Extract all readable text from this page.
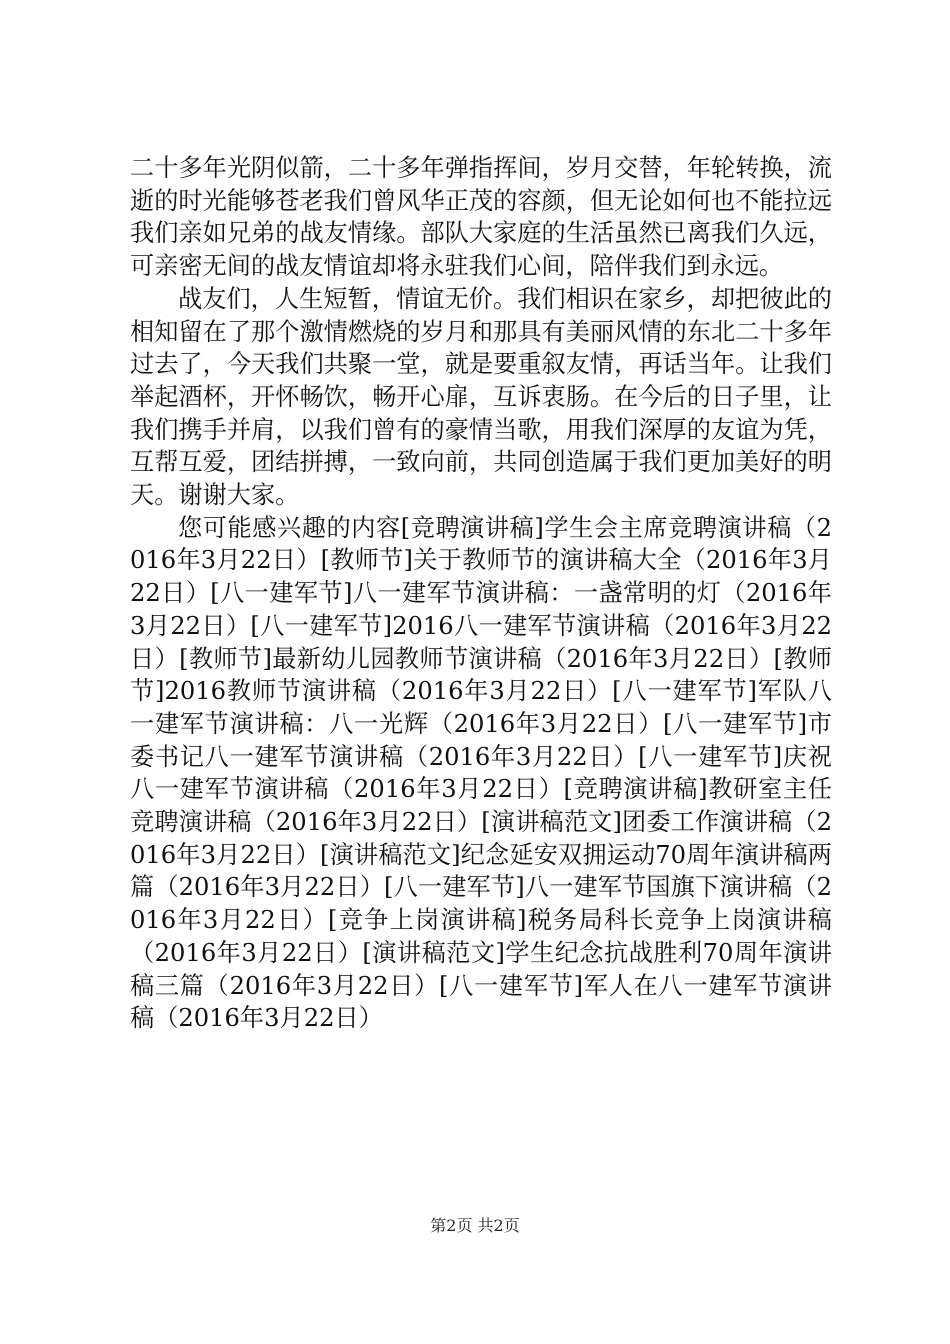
二十多年光阴似箭，二十多年弹指挥间，岁月交替，年轮转换，流逝的时光能够苍老我们曾风华正茂的容颜，但无论如何也不能拉远我们亲如兄弟的战友情缘。部队大家庭的生活虽然已离我们久远，可亲密无间的战友情谊却将永驻我们心间，陪伴我们到永远。

战友们，人生短暂，情谊无价。我们相识在家乡，却把彼此的相知留在了那个激情燃烧的岁月和那具有美丽风情的东北二十多年过去了，今天我们共聚一堂，就是要重叙友情，再话当年。让我们举起酒杯，开怀畅饮，畅开心扉，互诉衷肠。在今后的日子里，让我们携手并肩，以我们曾有的豪情当歌，用我们深厚的友谊为凭，互帮互爱，团结拼搏，一致向前，共同创造属于我们更加美好的明天。谢谢大家。

您可能感兴趣的内容[竞聘演讲稿]学生会主席竞聘演讲稿（2016年3月22日）[教师节]关于教师节的演讲稿大全（2016年3月22日）[八一建军节]八一建军节演讲稿：一盏常明的灯（2016年3月22日）[八一建军节]2016八一建军节演讲稿（2016年3月22日）[教师节]最新幼儿园教师节演讲稿（2016年3月22日）[教师节]2016教师节演讲稿（2016年3月22日）[八一建军节]军队八一建军节演讲稿：八一光辉（2016年3月22日）[八一建军节]市委书记八一建军节演讲稿（2016年3月22日）[八一建军节]庆祝八一建军节演讲稿（2016年3月22日）[竞聘演讲稿]教研室主任竞聘演讲稿（2016年3月22日）[演讲稿范文]团委工作演讲稿（2016年3月22日）[演讲稿范文]纪念延安双拥运动70周年演讲稿两篇（2016年3月22日）[八一建军节]八一建军节国旗下演讲稿（2016年3月22日）[竞争上岗演讲稿]税务局科长竞争上岗演讲稿（2016年3月22日）[演讲稿范文]学生纪念抗战胜利70周年演讲稿三篇（2016年3月22日）[八一建军节]军人在八一建军节演讲稿（2016年3月22日）

第2页 共2页
